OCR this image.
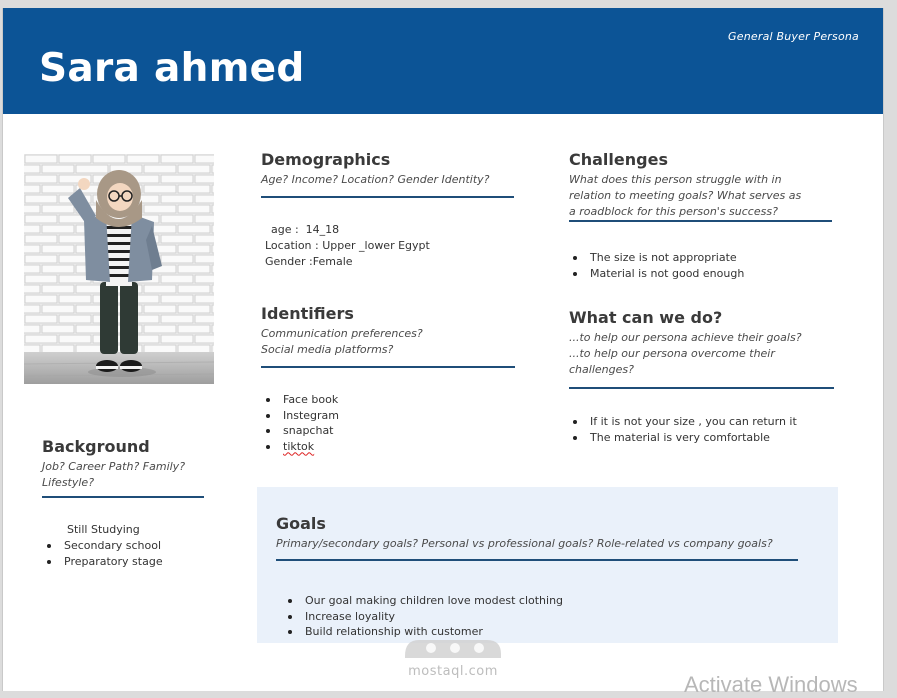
General Buyer Persona
Sara ahmed
Demographics
Age? Income? Location? Gender Identity?
age :  14_18
Location : Upper _lower Egypt
Gender :Female
Identifiers
Communication preferences?
Social media platforms?
Face book
Instegram
snapchat
tiktok
Background
Job? Career Path? Family?
Lifestyle?
Still Studying
Secondary school
Preparatory stage
Challenges
What does this person struggle with in
relation to meeting goals? What serves as
a roadblock for this person's success?
The size is not appropriate
Material is not good enough
What can we do?
...to help our persona achieve their goals?
...to help our persona overcome their
challenges?
If it is not your size , you can return it
The material is very comfortable
Goals
Primary/secondary goals? Personal vs professional goals? Role-related vs company goals?
Our goal making children love modest clothing
Increase loyality
Build relationship with customer
mostaql.com
Activate Windows
